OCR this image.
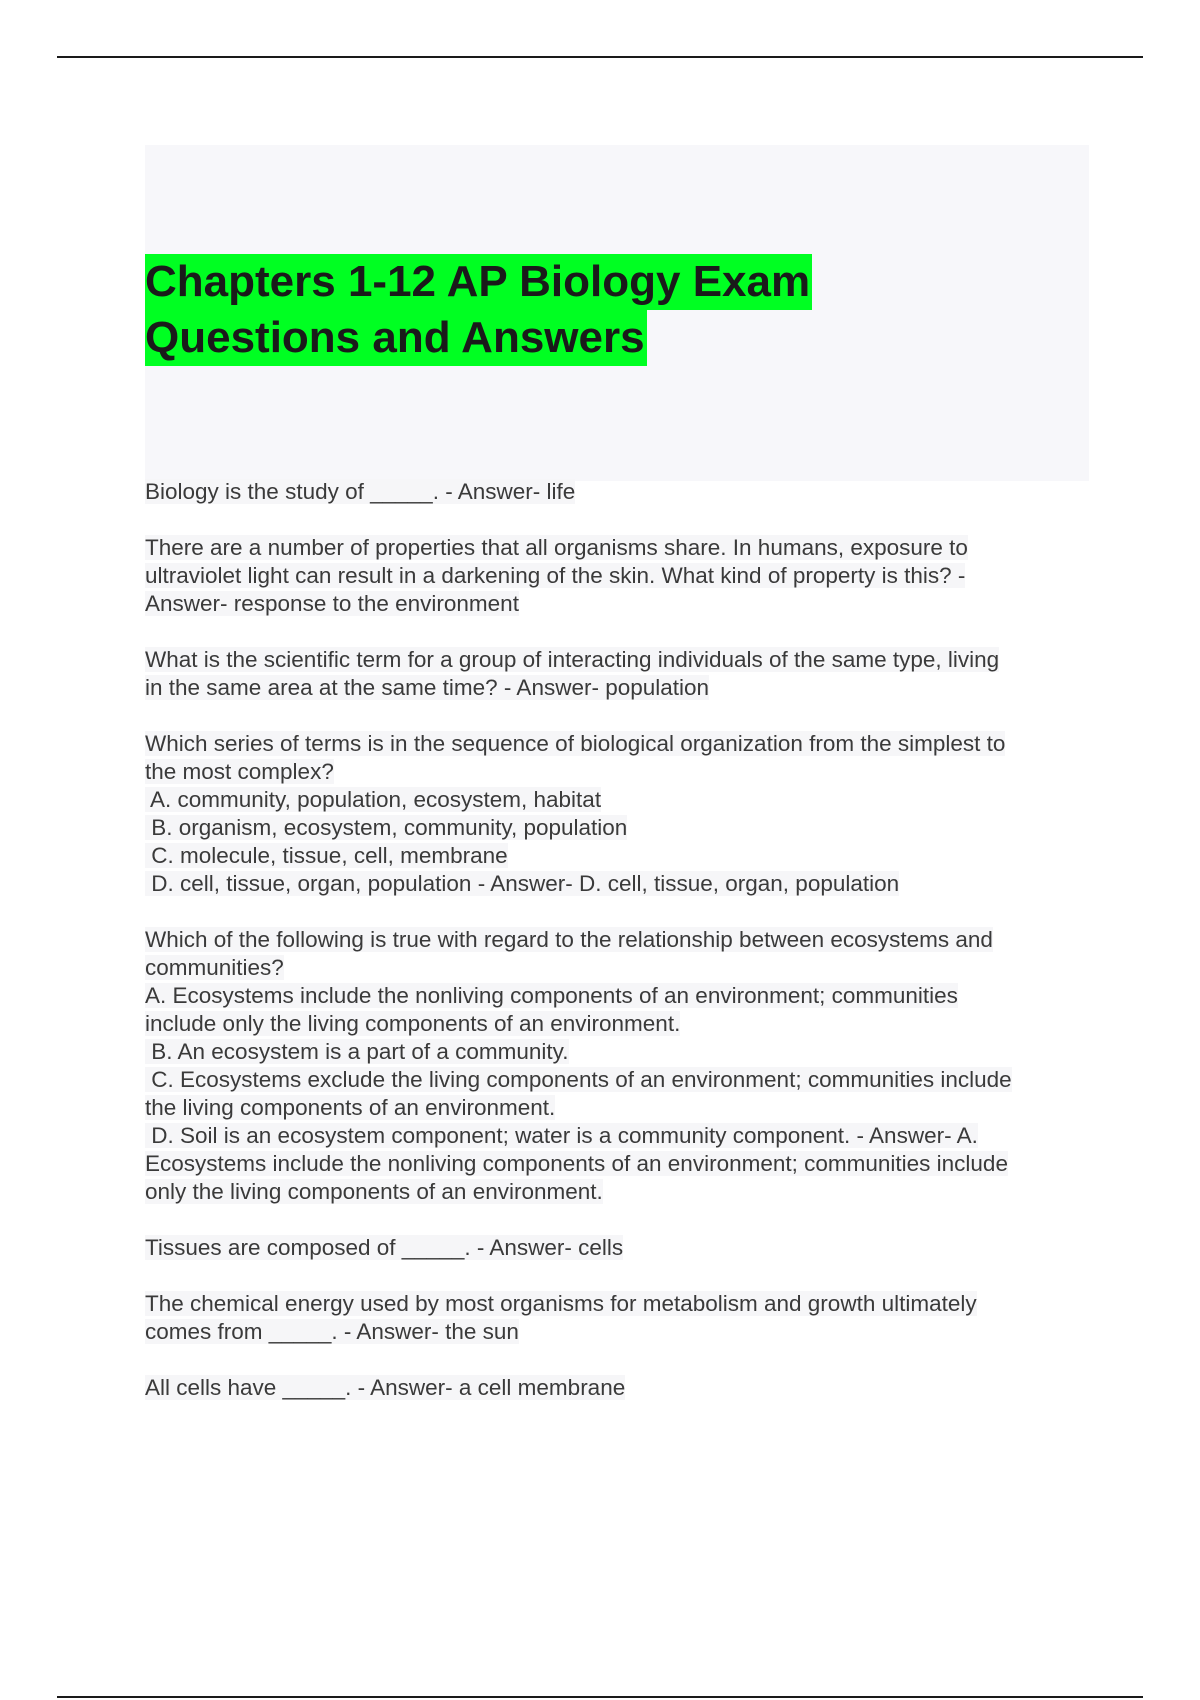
Chapters 1-12 AP Biology Exam
Questions and Answers
Biology is the study of _____. - Answer- life
There are a number of properties that all organisms share. In humans, exposure to
ultraviolet light can result in a darkening of the skin. What kind of property is this? -
Answer- response to the environment
What is the scientific term for a group of interacting individuals of the same type, living
in the same area at the same time? - Answer- population
Which series of terms is in the sequence of biological organization from the simplest to
the most complex?
A. community, population, ecosystem, habitat
B. organism, ecosystem, community, population
C. molecule, tissue, cell, membrane
D. cell, tissue, organ, population - Answer- D. cell, tissue, organ, population
Which of the following is true with regard to the relationship between ecosystems and
communities?
A. Ecosystems include the nonliving components of an environment; communities
include only the living components of an environment.
B. An ecosystem is a part of a community.
C. Ecosystems exclude the living components of an environment; communities include
the living components of an environment.
D. Soil is an ecosystem component; water is a community component. - Answer- A.
Ecosystems include the nonliving components of an environment; communities include
only the living components of an environment.
Tissues are composed of _____. - Answer- cells
The chemical energy used by most organisms for metabolism and growth ultimately
comes from _____. - Answer- the sun
All cells have _____. - Answer- a cell membrane
